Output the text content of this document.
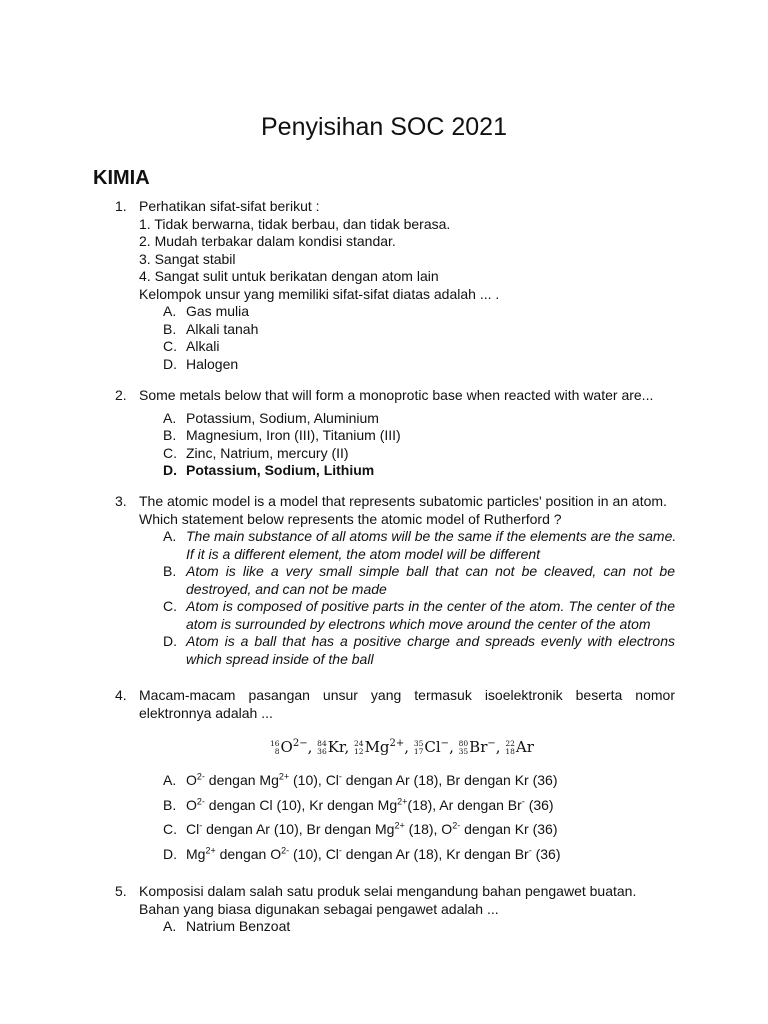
Penyisihan SOC 2021
KIMIA
1. Perhatikan sifat-sifat berikut :
1. Tidak berwarna, tidak berbau, dan tidak berasa.
2. Mudah terbakar dalam kondisi standar.
3. Sangat stabil
4. Sangat sulit untuk berikatan dengan atom lain
Kelompok unsur yang memiliki sifat-sifat diatas adalah ... .
A. Gas mulia
B. Alkali tanah
C. Alkali
D. Halogen
2. Some metals below that will form a monoprotic base when reacted with water are...
A. Potassium, Sodium, Aluminium
B. Magnesium, Iron (III), Titanium (III)
C. Zinc, Natrium, mercury (II)
D. Potassium, Sodium, Lithium
3. The atomic model is a model that represents subatomic particles' position in an atom.
Which statement below represents the atomic model of Rutherford ?
A. The main substance of all atoms will be the same if the elements are the same.
If it is a different element, the atom model will be different
B. Atom is like a very small simple ball that can not be cleaved, can not be
destroyed, and can not be made
C. Atom is composed of positive parts in the center of the atom. The center of the
atom is surrounded by electrons which move around the center of the atom
D. Atom is a ball that has a positive charge and spreads evenly with electrons
which spread inside of the ball
4. Macam-macam pasangan unsur yang termasuk isoelektronik beserta nomor
elektronnya adalah ...
16
8 $O^{2-}$, 84
36 Kr, 24
12 $Mg^{2+}$, 35
17 Cl−, 80
35 Br−, 22
18 Ar
A. $O^{2-}$ dengan $Mg^{2+}$ (10), Cl- dengan Ar (18), Br dengan Kr (36)
B. $O^{2-}$ dengan Cl (10), Kr dengan $Mg^{2+}(18)$, Ar dengan Br- (36)
C. Cl- dengan Ar (10), Br dengan $Mg^{2+}$ (18), $O^{2-}$ dengan Kr (36)
D. $Mg^{2+}$ dengan $O^{2-}$ (10), Cl- dengan Ar (18), Kr dengan Br- (36)
5. Komposisi dalam salah satu produk selai mengandung bahan pengawet buatan.
Bahan yang biasa digunakan sebagai pengawet adalah ...
A. Natrium Benzoat
